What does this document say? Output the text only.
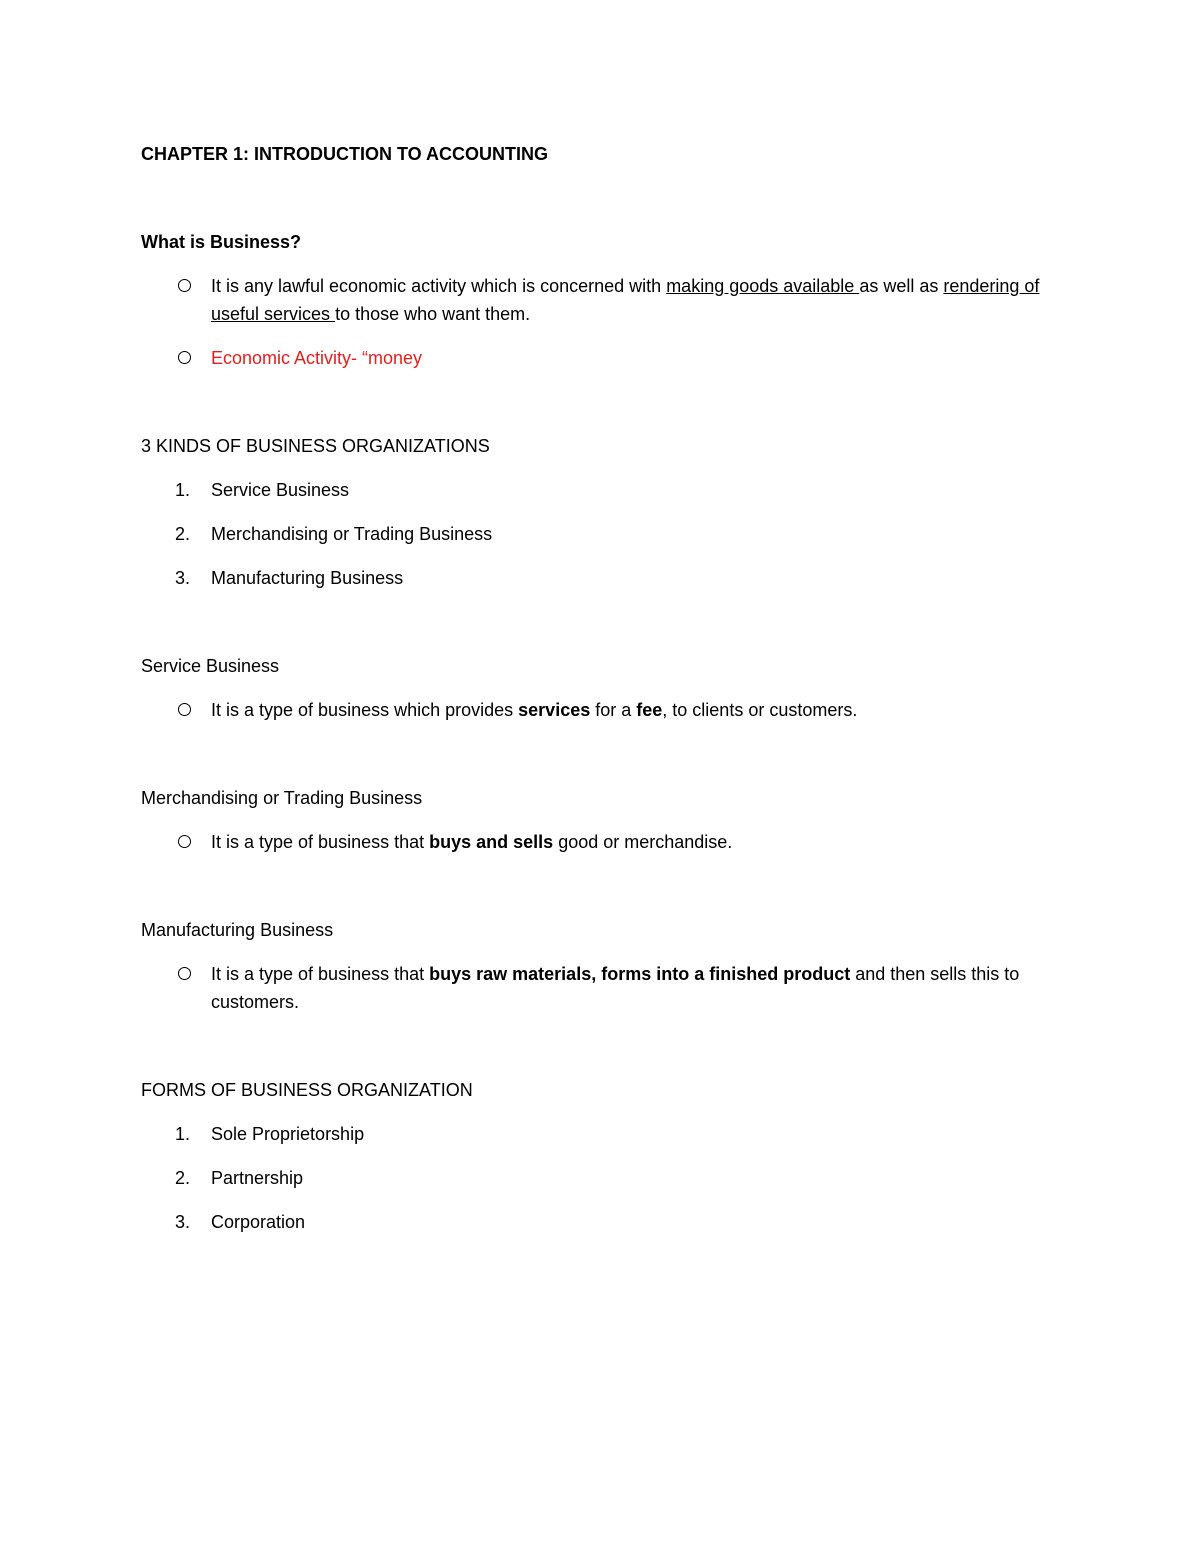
CHAPTER 1: INTRODUCTION TO ACCOUNTING

What is Business?

It is any lawful economic activity which is concerned with making goods available as well as rendering of useful services to those who want them.
Economic Activity- “money

3 KINDS OF BUSINESS ORGANIZATIONS

1. Service Business
2. Merchandising or Trading Business
3. Manufacturing Business

Service Business

It is a type of business which provides services for a fee, to clients or customers.

Merchandising or Trading Business

It is a type of business that buys and sells good or merchandise.

Manufacturing Business

It is a type of business that buys raw materials, forms into a finished product and then sells this to customers.

FORMS OF BUSINESS ORGANIZATION

1. Sole Proprietorship
2. Partnership
3. Corporation
